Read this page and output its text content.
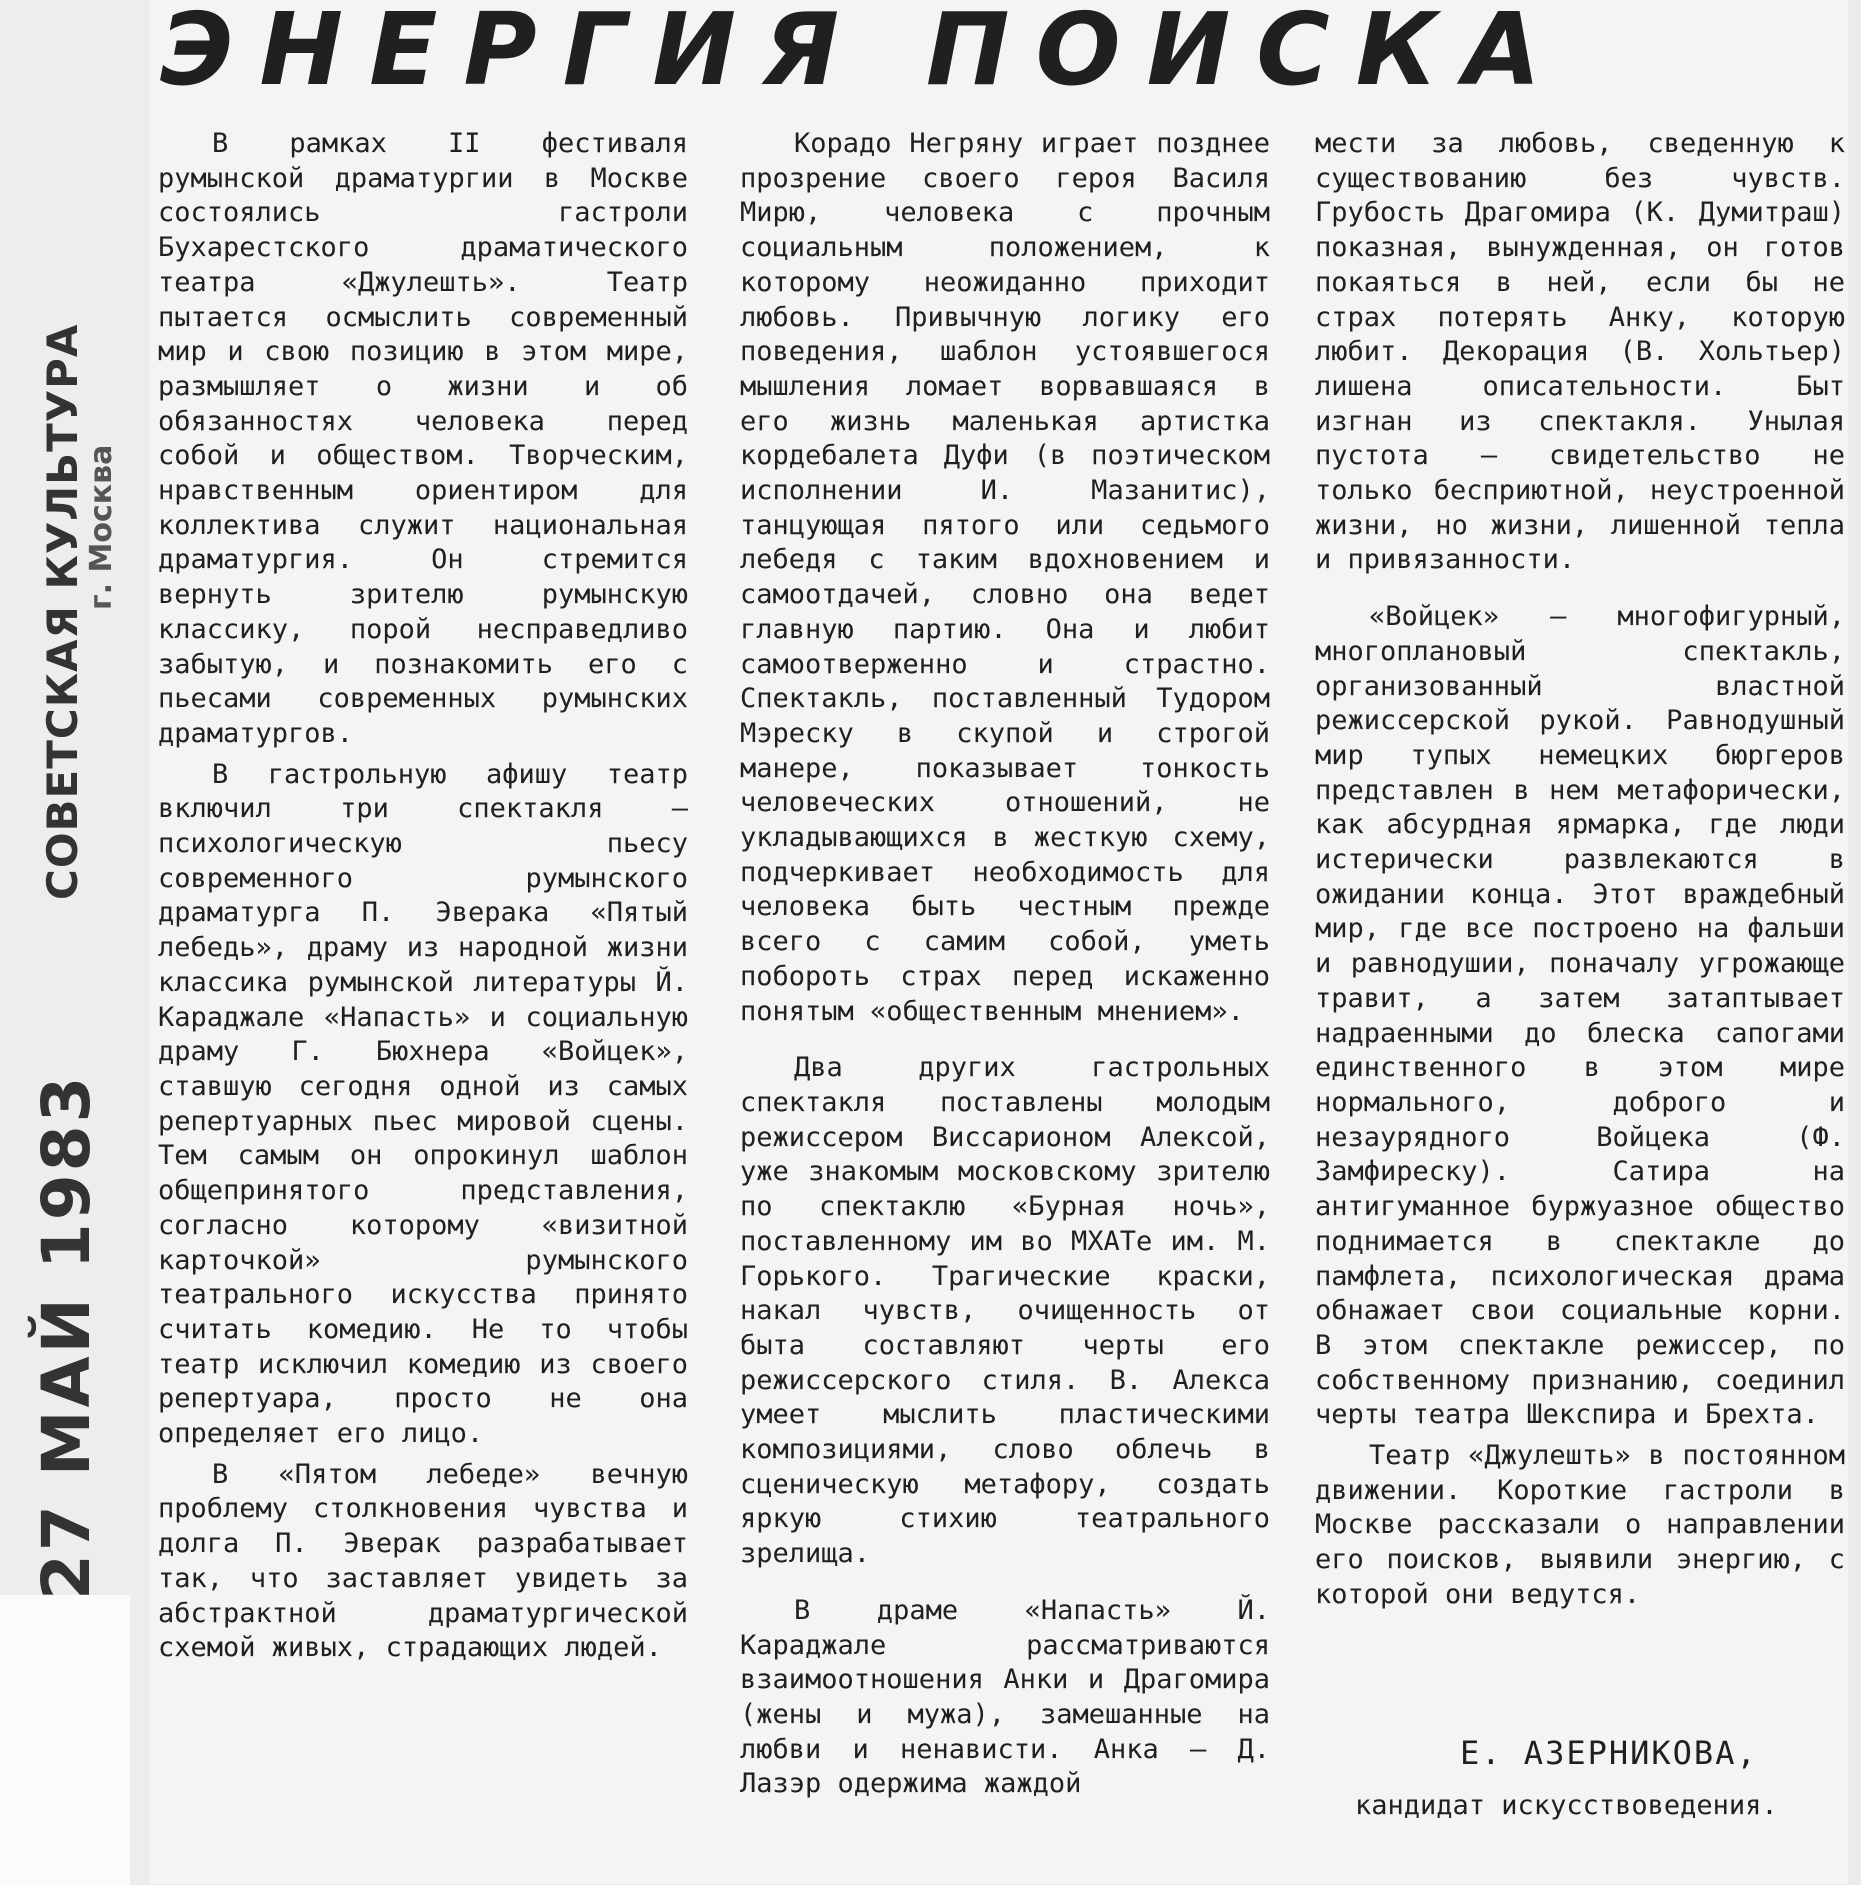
СОВЕТСКАЯ КУЛЬТУРА
г. Москва
27 МАЙ 1983
ЭНЕРГИЯ ПОИСКА

В рамках II фестиваля румынской драматургии в Москве состоялись гастроли Бухарестского драматического театра «Джулешть». Театр пытается осмыслить современный мир и свою позицию в этом мире, размышляет о жизни и об обязанностях человека перед собой и обществом. Творческим, нравственным ориентиром для коллектива служит национальная драматургия. Он стремится вернуть зрителю румынскую классику, порой несправедливо забытую, и познакомить его с пьесами современных румынских драматургов.

В гастрольную афишу театр включил три спектакля — психологическую пьесу современного румынского драматурга П. Эверака «Пятый лебедь», драму из народной жизни классика румынской литературы Й. Караджале «Напасть» и социальную драму Г. Бюхнера «Войцек», ставшую сегодня одной из самых репертуарных пьес мировой сцены. Тем самым он опрокинул шаблон общепринятого представления, согласно которому «визитной карточкой» румынского театрального искусства принято считать комедию. Не то чтобы театр исключил комедию из своего репертуара, просто не она определяет его лицо.

В «Пятом лебеде» вечную проблему столкновения чувства и долга П. Эверак разрабатывает так, что заставляет увидеть за абстрактной драматургической схемой живых, страдающих людей.

Корадо Негряну играет позднее прозрение своего героя Василя Мирю, человека с прочным социальным положением, к которому неожиданно приходит любовь. Привычную логику его поведения, шаблон устоявшегося мышления ломает ворвавшаяся в его жизнь маленькая артистка кордебалета Дуфи (в поэтическом исполнении И. Мазанитис), танцующая пятого или седьмого лебедя с таким вдохновением и самоотдачей, словно она ведет главную партию. Она и любит самоотверженно и страстно. Спектакль, поставленный Тудором Мэреску в скупой и строгой манере, показывает тонкость человеческих отношений, не укладывающихся в жесткую схему, подчеркивает необходимость для человека быть честным прежде всего с самим собой, уметь побороть страх перед искаженно понятым «общественным мнением».

Два других гастрольных спектакля поставлены молодым режиссером Виссарионом Алексой, уже знакомым московскому зрителю по спектаклю «Бурная ночь», поставленному им во МХАТе им. М. Горького. Трагические краски, накал чувств, очищенность от быта составляют черты его режиссерского стиля. В. Алекса умеет мыслить пластическими композициями, слово облечь в сценическую метафору, создать яркую стихию театрального зрелища.

В драме «Напасть» Й. Караджале рассматриваются взаимоотношения Анки и Драгомира (жены и мужа), замешанные на любви и ненависти. Анка — Д. Лазэр одержима жаждой

мести за любовь, сведенную к существованию без чувств. Грубость Драгомира (К. Думитраш) показная, вынужденная, он готов покаяться в ней, если бы не страх потерять Анку, которую любит. Декорация (В. Хольтьер) лишена описательности. Быт изгнан из спектакля. Унылая пустота — свидетельство не только бесприютной, неустроенной жизни, но жизни, лишенной тепла и привязанности.

«Войцек» — многофигурный, многоплановый спектакль, организованный властной режиссерской рукой. Равнодушный мир тупых немецких бюргеров представлен в нем метафорически, как абсурдная ярмарка, где люди истерически развлекаются в ожидании конца. Этот враждебный мир, где все построено на фальши и равнодушии, поначалу угрожающе травит, а затем затаптывает надраенными до блеска сапогами единственного в этом мире нормального, доброго и незаурядного Войцека (Ф. Замфиреску). Сатира на антигуманное буржуазное общество поднимается в спектакле до памфлета, психологическая драма обнажает свои социальные корни. В этом спектакле режиссер, по собственному признанию, соединил черты театра Шекспира и Брехта.

Театр «Джулешть» в постоянном движении. Короткие гастроли в Москве рассказали о направлении его поисков, выявили энергию, с которой они ведутся.

Е. АЗЕРНИКОВА,

кандидат искусствоведения.
